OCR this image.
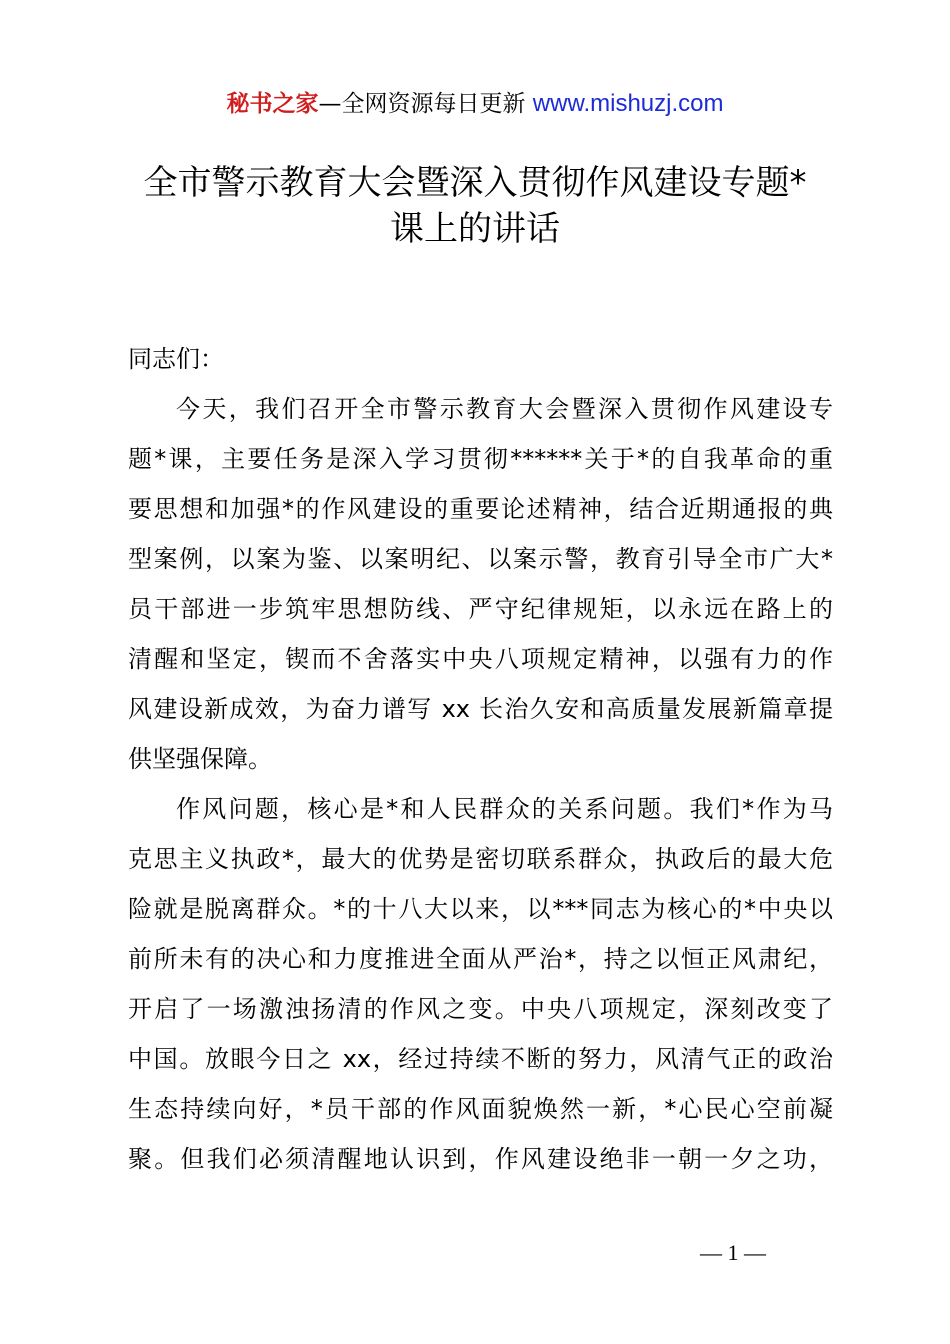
秘书之家—全网资源每日更新 www.mishuzj.com
全市警示教育大会暨深入贯彻作风建设专题*
课上的讲话

同志们：

今天，我们召开全市警示教育大会暨深入贯彻作风建设专
题*课，主要任务是深入学习贯彻******关于*的自我革命的重
要思想和加强*的作风建设的重要论述精神，结合近期通报的典
型案例，以案为鉴、以案明纪、以案示警，教育引导全市广大*
员干部进一步筑牢思想防线、严守纪律规矩，以永远在路上的
清醒和坚定，锲而不舍落实中央八项规定精神，以强有力的作
风建设新成效，为奋力谱写 xx 长治久安和高质量发展新篇章提
供坚强保障。

作风问题，核心是*和人民群众的关系问题。我们*作为马
克思主义执政*，最大的优势是密切联系群众，执政后的最大危
险就是脱离群众。*的十八大以来，以***同志为核心的*中央以
前所未有的决心和力度推进全面从严治*，持之以恒正风肃纪，
开启了一场激浊扬清的作风之变。中央八项规定，深刻改变了
中国。放眼今日之 xx，经过持续不断的努力，风清气正的政治
生态持续向好，*员干部的作风面貌焕然一新，*心民心空前凝
聚。但我们必须清醒地认识到，作风建设绝非一朝一夕之功，

— 1 —
